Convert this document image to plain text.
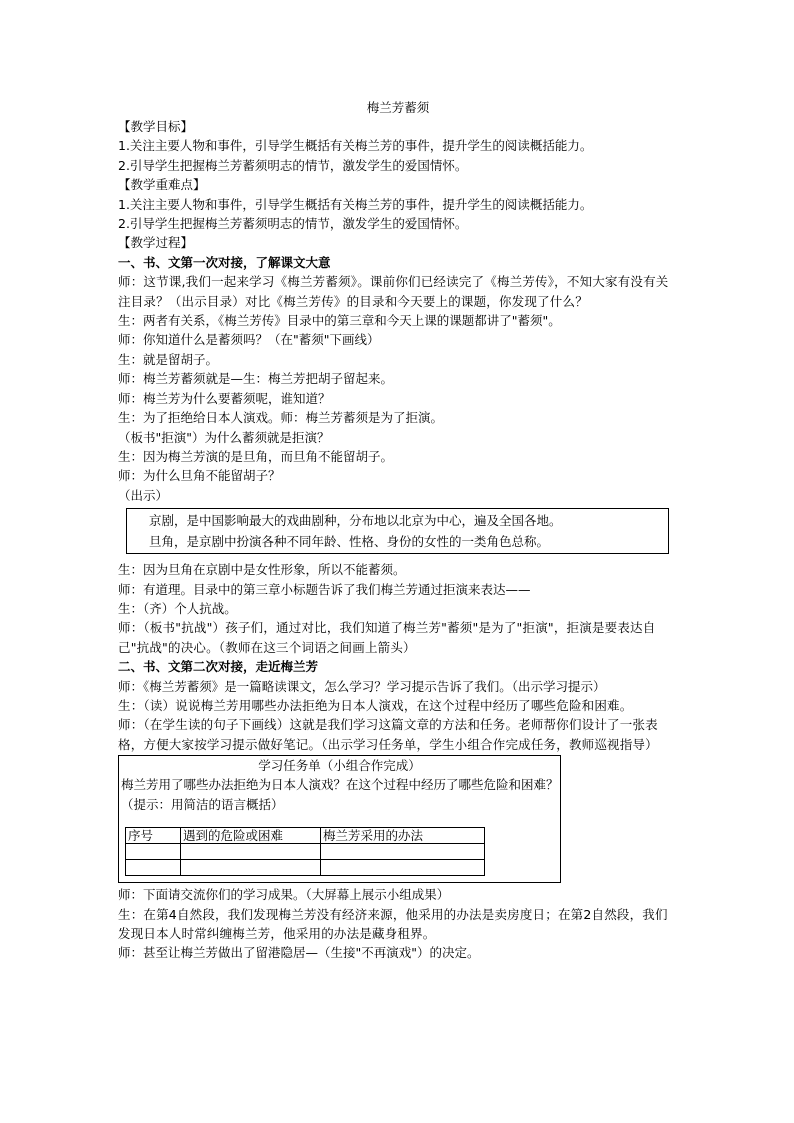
梅兰芳蓄须

【教学目标】

1.关注主要人物和事件，引导学生概括有关梅兰芳的事件，提升学生的阅读概括能力。

2.引导学生把握梅兰芳蓄须明志的情节，激发学生的爱国情怀。

【教学重难点】

1.关注主要人物和事件，引导学生概括有关梅兰芳的事件，提升学生的阅读概括能力。

2.引导学生把握梅兰芳蓄须明志的情节，激发学生的爱国情怀。

【教学过程】

一、书、文第一次对接，了解课文大意

师：这节课,我们一起来学习《梅兰芳蓄须》。课前你们已经读完了《梅兰芳传》，不知大家有没有关注目录？（出示目录）对比《梅兰芳传》的目录和今天要上的课题，你发现了什么？

生：两者有关系，《梅兰芳传》目录中的第三章和今天上课的课题都讲了"蓄须"。

师：你知道什么是蓄须吗？（在"蓄须"下画线）

生：就是留胡子。

师：梅兰芳蓄须就是—生：梅兰芳把胡子留起来。

师：梅兰芳为什么要蓄须呢，谁知道？

生：为了拒绝给日本人演戏。师：梅兰芳蓄须是为了拒演。

（板书"拒演"）为什么蓄须就是拒演？

生：因为梅兰芳演的是旦角，而旦角不能留胡子。

师：为什么旦角不能留胡子？

（出示）

京剧，是中国影响最大的戏曲剧种，分布地以北京为中心，遍及全国各地。

旦角，是京剧中扮演各种不同年龄、性格、身份的女性的一类角色总称。

生：因为旦角在京剧中是女性形象，所以不能蓄须。

师：有道理。目录中的第三章小标题告诉了我们梅兰芳通过拒演来表达——

生：（齐）个人抗战。

师：（板书"抗战"）孩子们，通过对比，我们知道了梅兰芳"蓄须"是为了"拒演"，拒演是要表达自己"抗战"的决心。（教师在这三个词语之间画上箭头）

二、书、文第二次对接，走近梅兰芳

师：《梅兰芳蓄须》是一篇略读课文，怎么学习？学习提示告诉了我们。（出示学习提示）

生：（读）说说梅兰芳用哪些办法拒绝为日本人演戏，在这个过程中经历了哪些危险和困难。

师：（在学生读的句子下画线）这就是我们学习这篇文章的方法和任务。老师帮你们设计了一张表格，方便大家按学习提示做好笔记。（出示学习任务单，学生小组合作完成任务，教师巡视指导）

学习任务单（小组合作完成）

梅兰芳用了哪些办法拒绝为日本人演戏？在这个过程中经历了哪些危险和困难？（提示：用简洁的语言概括）

序号	遇到的危险或困难	梅兰芳采用的办法

师：下面请交流你们的学习成果。（大屏幕上展示小组成果）

生：在第4自然段，我们发现梅兰芳没有经济来源，他采用的办法是卖房度日；在第2自然段，我们发现日本人时常纠缠梅兰芳，他采用的办法是藏身租界。

师：甚至让梅兰芳做出了留港隐居—（生接"不再演戏"）的决定。
